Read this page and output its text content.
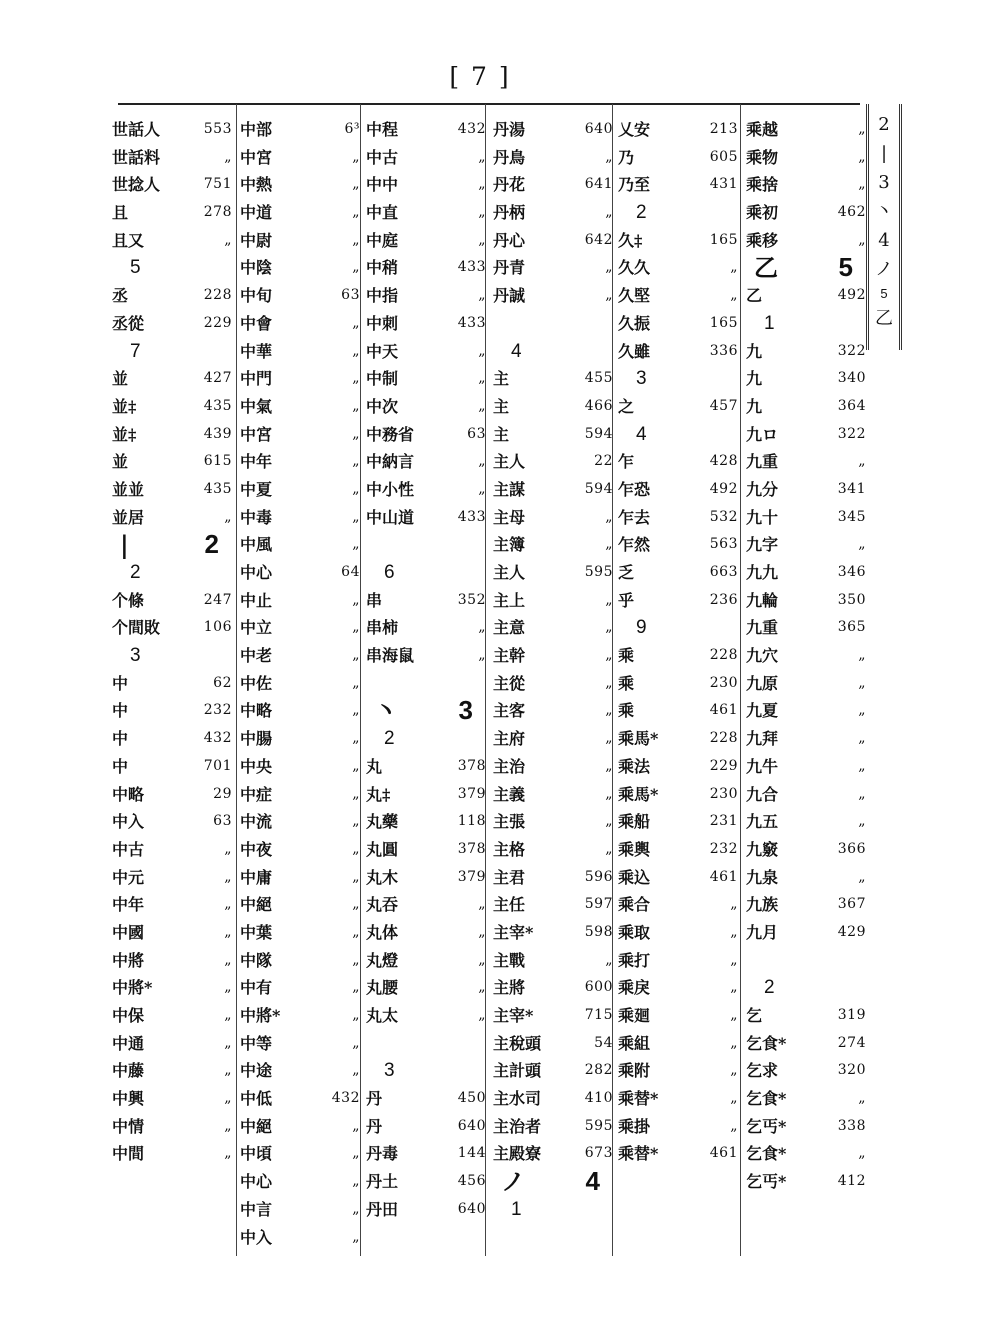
[ 7 ]
2
|
3
丶
4
ノ
5
乙
世話人	553
世話料	„
世捻人	751
且	278
且又	„
5
丞	228
丞從	229
7
並	427
並‡	435
並‡	439
並	615
並並	435
並居	„
|	2
2
个條	247
个間敗	106
3
中	62
中	232
中	432
中	701
中略	29
中入	63
中古	„
中元	„
中年	„
中國	„
中將	„
中將*	„
中保	„
中通	„
中藤	„
中興	„
中情	„
中間	„
中部	6³
中宮	„
中熱	„
中道	„
中尉	„
中陰	„
中旬	63
中會	„
中華	„
中門	„
中氣	„
中宮	„
中年	„
中夏	„
中毒	„
中風	„
中心	64
中止	„
中立	„
中老	„
中佐	„
中略	„
中腸	„
中央	„
中症	„
中流	„
中夜	„
中庸	„
中絕	„
中葉	„
中隊	„
中有	„
中將*	„
中等	„
中途	„
中低	432
中絕	„
中頃	„
中心	„
中言	„
中入	„
中程	432
中古	„
中中	„
中直	„
中庭	„
中稍	433
中指	„
中刺	433
中天	„
中制	„
中次	„
中務省	63
中納言	„
中小性	„
中山道	433
6
串	352
串柿	„
串海鼠	„
丶	3
2
丸	378
丸‡	379
丸藥	118
丸圓	378
丸木	379
丸吞	„
丸体	„
丸燈	„
丸腰	„
丸太	„
3
丹	450
丹	640
丹毒	144
丹土	456
丹田	640
丹湯	640
丹鳥	„
丹花	641
丹柄	„
丹心	642
丹青	„
丹誠	„
4
主	455
主	466
主	594
主人	22
主謀	594
主母	„
主簿	„
主人	595
主上	„
主意	„
主幹	„
主從	„
主客	„
主府	„
主治	„
主義	„
主張	„
主格	„
主君	596
主任	597
主宰*	598
主戰	„
主將	600
主宰*	715
主稅頭	54
主計頭	282
主水司	410
主治者	595
主殿寮	673
ノ	4
1
乂安	213
乃	605
乃至	431
2
久‡	165
久久	„
久堅	„
久振	165
久雖	336
3
之	457
4
乍	428
乍恐	492
乍去	532
乍然	563
乏	663
乎	236
9
乘	228
乘	230
乘	461
乘馬*	228
乘法	229
乘馬*	230
乘船	231
乘輿	232
乘込	461
乘合	„
乘取	„
乘打	„
乘戾	„
乘廻	„
乘組	„
乘附	„
乘替*	„
乘掛	„
乘替*	461
乘越	„
乘物	„
乘捨	„
乘初	462
乘移	„
乙	5
乙	492
1
九	322
九	340
九	364
九ロ	322
九重	„
九分	341
九十	345
九字	„
九九	346
九輪	350
九重	365
九穴	„
九原	„
九夏	„
九拜	„
九牛	„
九合	„
九五	„
九竅	366
九泉	„
九族	367
九月	429
2
乞	319
乞食*	274
乞求	320
乞食*	„
乞丐*	338
乞食*	„
乞丐*	412
